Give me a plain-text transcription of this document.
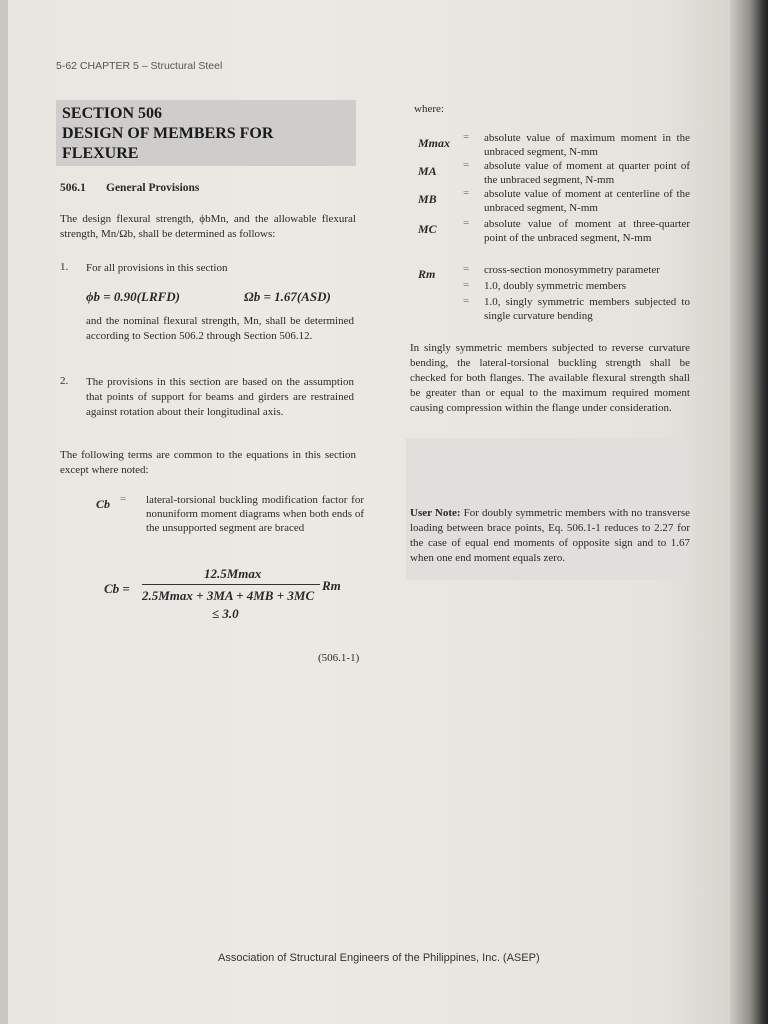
5-62 CHAPTER 5 – Structural Steel
SECTION 506
DESIGN OF MEMBERS FOR
FLEXURE
506.1 General Provisions
The design flexural strength, ϕbMn, and the allowable flexural strength, Mn/Ωb, shall be determined as follows:
1. For all provisions in this section
ϕb = 0.90(LRFD)	Ωb = 1.67(ASD)
and the nominal flexural strength, Mn, shall be determined according to Section 506.2 through Section 506.12.
2. The provisions in this section are based on the assumption that points of support for beams and girders are restrained against rotation about their longitudinal axis.
The following terms are common to the equations in this section except where noted:
Cb = lateral-torsional buckling modification factor for nonuniform moment diagrams when both ends of the unsupported segment are braced
Cb =
12.5Mmax
2.5Mmax + 3MA + 4MB + 3MC
Rm
≤ 3.0
(506.1-1)
where:
Mmax = absolute value of maximum moment in the unbraced segment, N-mm
MA = absolute value of moment at quarter point of the unbraced segment, N-mm
MB = absolute value of moment at centerline of the unbraced segment, N-mm
MC = absolute value of moment at three-quarter point of the unbraced segment, N-mm
Rm	= cross-section monosymmetry parameter
= 1.0, doubly symmetric members
= 1.0, singly symmetric members subjected to single curvature bending
In singly symmetric members subjected to reverse curvature bending, the lateral-torsional buckling strength shall be checked for both flanges. The available flexural strength shall be greater than or equal to the maximum required moment causing compression within the flange under consideration.
User Note: For doubly symmetric members with no transverse loading between brace points, Eq. 506.1-1 reduces to 2.27 for the case of equal end moments of opposite sign and to 1.67 when one end moment equals zero.
Association of Structural Engineers of the Philippines, Inc. (ASEP)
